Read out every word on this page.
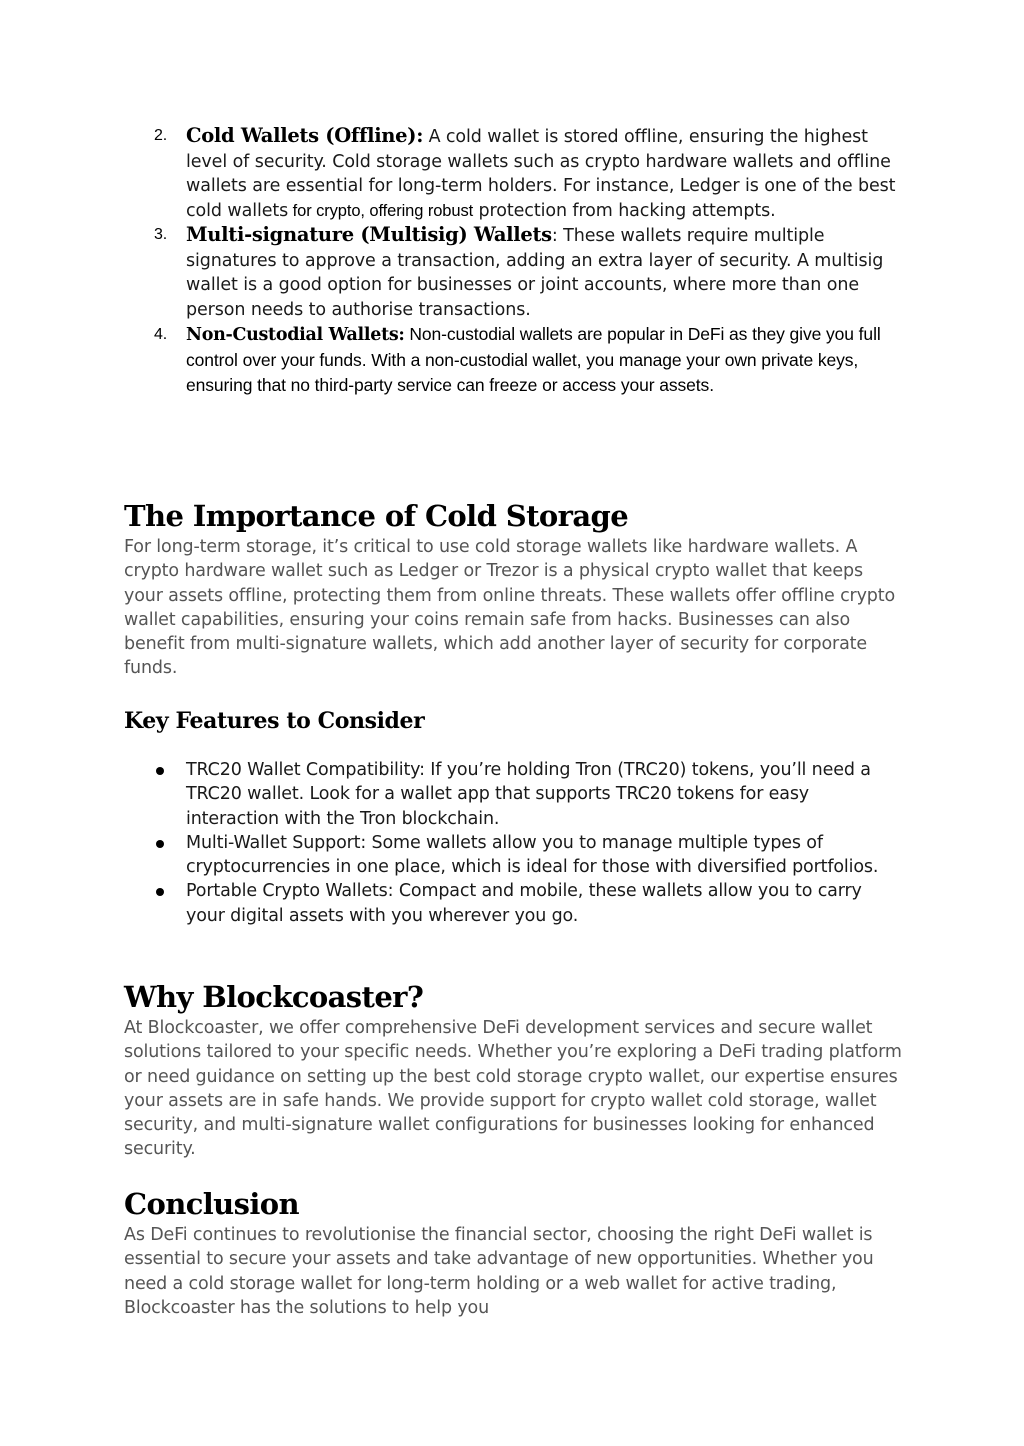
2. Cold Wallets (Offline): A cold wallet is stored offline, ensuring the highest level of security. Cold storage wallets such as crypto hardware wallets and offline wallets are essential for long-term holders. For instance, Ledger is one of the best cold wallets for crypto, offering robust protection from hacking attempts.
3. Multi-signature (Multisig) Wallets: These wallets require multiple signatures to approve a transaction, adding an extra layer of security. A multisig wallet is a good option for businesses or joint accounts, where more than one person needs to authorise transactions.
4. Non-Custodial Wallets: Non-custodial wallets are popular in DeFi as they give you full control over your funds. With a non-custodial wallet, you manage your own private keys, ensuring that no third-party service can freeze or access your assets.
The Importance of Cold Storage

For long-term storage, it’s critical to use cold storage wallets like hardware wallets. A crypto hardware wallet such as Ledger or Trezor is a physical crypto wallet that keeps your assets offline, protecting them from online threats. These wallets offer offline crypto wallet capabilities, ensuring your coins remain safe from hacks. Businesses can also benefit from multi-signature wallets, which add another layer of security for corporate funds.

Key Features to Consider
TRC20 Wallet Compatibility: If you’re holding Tron (TRC20) tokens, you’ll need a TRC20 wallet. Look for a wallet app that supports TRC20 tokens for easy interaction with the Tron blockchain.
Multi-Wallet Support: Some wallets allow you to manage multiple types of cryptocurrencies in one place, which is ideal for those with diversified portfolios.
Portable Crypto Wallets: Compact and mobile, these wallets allow you to carry your digital assets with you wherever you go.
Why Blockcoaster?

At Blockcoaster, we offer comprehensive DeFi development services and secure wallet solutions tailored to your specific needs. Whether you’re exploring a DeFi trading platform or need guidance on setting up the best cold storage crypto wallet, our expertise ensures your assets are in safe hands. We provide support for crypto wallet cold storage, wallet security, and multi-signature wallet configurations for businesses looking for enhanced security.

Conclusion

As DeFi continues to revolutionise the financial sector, choosing the right DeFi wallet is essential to secure your assets and take advantage of new opportunities. Whether you need a cold storage wallet for long-term holding or a web wallet for active trading, Blockcoaster has the solutions to help you
